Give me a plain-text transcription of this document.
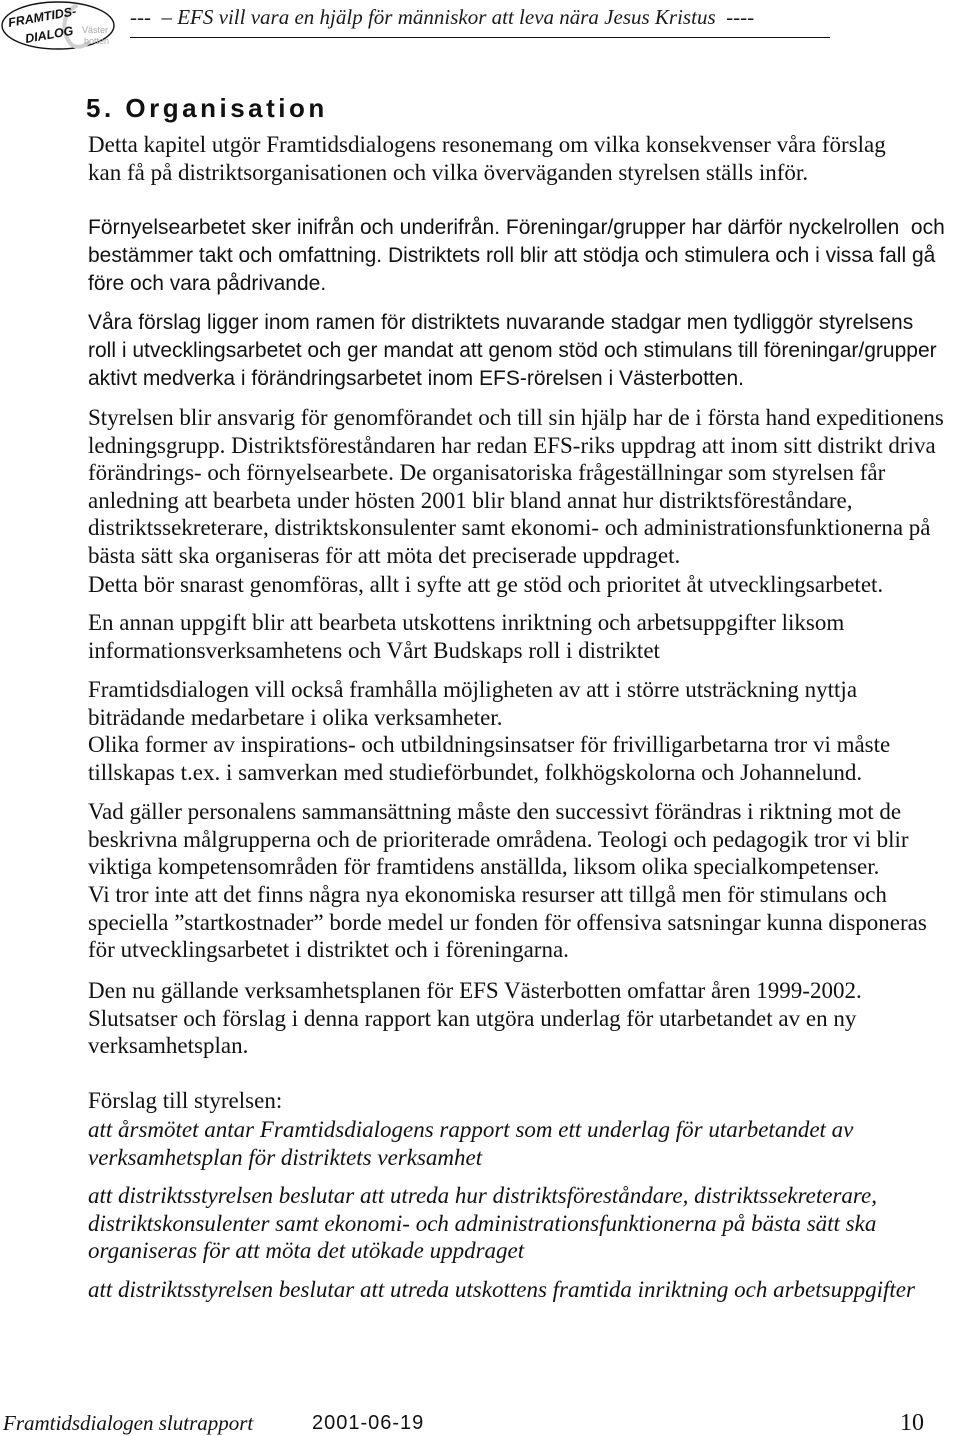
FRAMTIDS-
DIALOG Väster
botten
---  – EFS vill vara en hjälp för människor att leva nära Jesus Kristus  ----
5. Organisation
Detta kapitel utgör Framtidsdialogens resonemang om vilka konsekvenser våra förslag
kan få på distriktsorganisationen och vilka överväganden styrelsen ställs inför.
Förnyelsearbetet sker inifrån och underifrån. Föreningar/grupper har därför nyckelrollen  och
bestämmer takt och omfattning. Distriktets roll blir att stödja och stimulera och i vissa fall gå
före och vara pådrivande.
Våra förslag ligger inom ramen för distriktets nuvarande stadgar men tydliggör styrelsens
roll i utvecklingsarbetet och ger mandat att genom stöd och stimulans till föreningar/grupper
aktivt medverka i förändringsarbetet inom EFS-rörelsen i Västerbotten.
Styrelsen blir ansvarig för genomförandet och till sin hjälp har de i första hand expeditionens
ledningsgrupp. Distriktsföreståndaren har redan EFS-riks uppdrag att inom sitt distrikt driva
förändrings- och förnyelsearbete. De organisatoriska frågeställningar som styrelsen får
anledning att bearbeta under hösten 2001 blir bland annat hur distriktsföreståndare,
distriktssekreterare, distriktskonsulenter samt ekonomi- och administrationsfunktionerna på
bästa sätt ska organiseras för att möta det preciserade uppdraget.
Detta bör snarast genomföras, allt i syfte att ge stöd och prioritet åt utvecklingsarbetet.
En annan uppgift blir att bearbeta utskottens inriktning och arbetsuppgifter liksom
informationsverksamhetens och Vårt Budskaps roll i distriktet
Framtidsdialogen vill också framhålla möjligheten av att i större utsträckning nyttja
biträdande medarbetare i olika verksamheter.
Olika former av inspirations- och utbildningsinsatser för frivilligarbetarna tror vi måste
tillskapas t.ex. i samverkan med studieförbundet, folkhögskolorna och Johannelund.
Vad gäller personalens sammansättning måste den successivt förändras i riktning mot de
beskrivna målgrupperna och de prioriterade områdena. Teologi och pedagogik tror vi blir
viktiga kompetensområden för framtidens anställda, liksom olika specialkompetenser.
Vi tror inte att det finns några nya ekonomiska resurser att tillgå men för stimulans och
speciella ”startkostnader” borde medel ur fonden för offensiva satsningar kunna disponeras
för utvecklingsarbetet i distriktet och i föreningarna.
Den nu gällande verksamhetsplanen för EFS Västerbotten omfattar åren 1999-2002.
Slutsatser och förslag i denna rapport kan utgöra underlag för utarbetandet av en ny
verksamhetsplan.
Förslag till styrelsen:
att årsmötet antar Framtidsdialogens rapport som ett underlag för utarbetandet av
verksamhetsplan för distriktets verksamhet
att distriktsstyrelsen beslutar att utreda hur distriktsföreståndare, distriktssekreterare,
distriktskonsulenter samt ekonomi- och administrationsfunktionerna på bästa sätt ska
organiseras för att möta det utökade uppdraget
att distriktsstyrelsen beslutar att utreda utskottens framtida inriktning och arbetsuppgifter
Framtidsdialogen slutrapport	2001-06-19	10
